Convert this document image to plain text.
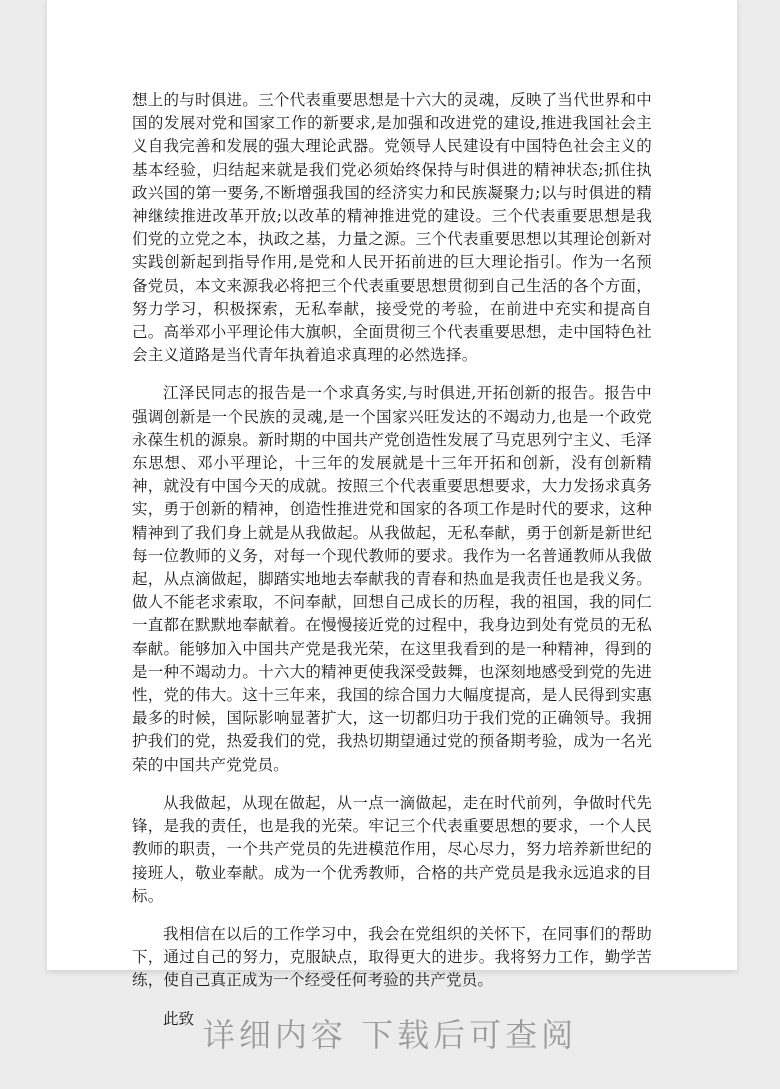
想上的与时俱进。三个代表重要思想是十六大的灵魂，反映了当代世界和中国的发展对党和国家工作的新要求,是加强和改进党的建设,推进我国社会主义自我完善和发展的强大理论武器。党领导人民建设有中国特色社会主义的基本经验，归结起来就是我们党必须始终保持与时俱进的精神状态;抓住执政兴国的第一要务,不断增强我国的经济实力和民族凝聚力;以与时俱进的精神继续推进改革开放;以改革的精神推进党的建设。三个代表重要思想是我们党的立党之本，执政之基，力量之源。三个代表重要思想以其理论创新对实践创新起到指导作用,是党和人民开拓前进的巨大理论指引。作为一名预备党员，本文来源我必将把三个代表重要思想贯彻到自己生活的各个方面，努力学习，积极探索，无私奉献，接受党的考验，在前进中充实和提高自己。高举邓小平理论伟大旗帜，全面贯彻三个代表重要思想，走中国特色社会主义道路是当代青年执着追求真理的必然选择。

江泽民同志的报告是一个求真务实,与时俱进,开拓创新的报告。报告中强调创新是一个民族的灵魂,是一个国家兴旺发达的不竭动力,也是一个政党永葆生机的源泉。新时期的中国共产党创造性发展了马克思列宁主义、毛泽东思想、邓小平理论，十三年的发展就是十三年开拓和创新，没有创新精神，就没有中国今天的成就。按照三个代表重要思想要求，大力发扬求真务实，勇于创新的精神，创造性推进党和国家的各项工作是时代的要求，这种精神到了我们身上就是从我做起。从我做起，无私奉献，勇于创新是新世纪每一位教师的义务，对每一个现代教师的要求。我作为一名普通教师从我做起，从点滴做起，脚踏实地地去奉献我的青春和热血是我责任也是我义务。做人不能老求索取，不问奉献，回想自己成长的历程，我的祖国，我的同仁一直都在默默地奉献着。在慢慢接近党的过程中，我身边到处有党员的无私奉献。能够加入中国共产党是我光荣，在这里我看到的是一种精神，得到的是一种不竭动力。十六大的精神更使我深受鼓舞，也深刻地感受到党的先进性，党的伟大。这十三年来，我国的综合国力大幅度提高，是人民得到实惠最多的时候，国际影响显著扩大，这一切都归功于我们党的正确领导。我拥护我们的党，热爱我们的党，我热切期望通过党的预备期考验，成为一名光荣的中国共产党党员。

从我做起，从现在做起，从一点一滴做起，走在时代前列，争做时代先锋，是我的责任，也是我的光荣。牢记三个代表重要思想的要求，一个人民教师的职责，一个共产党员的先进模范作用，尽心尽力，努力培养新世纪的接班人，敬业奉献。成为一个优秀教师，合格的共产党员是我永远追求的目标。

我相信在以后的工作学习中，我会在党组织的关怀下，在同事们的帮助下，通过自己的努力，克服缺点，取得更大的进步。我将努力工作，勤学苦练，使自己真正成为一个经受任何考验的共产党员。

此致 详细内容 下载后可查阅
